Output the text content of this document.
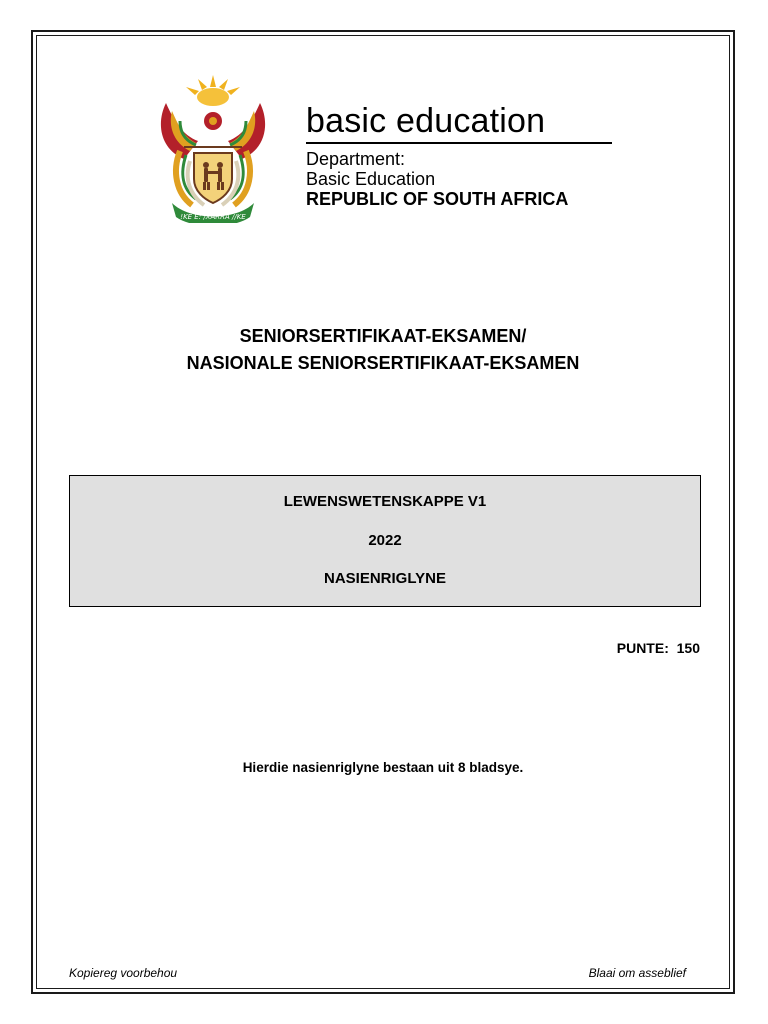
!KE E: /XARRA //KE
basic education
Department:
Basic Education
REPUBLIC OF SOUTH AFRICA
SENIORSERTIFIKAAT-EKSAMEN/
NASIONALE SENIORSERTIFIKAAT-EKSAMEN
LEWENSWETENSKAPPE V1
2022
NASIENRIGLYNE
PUNTE:  150
Hierdie nasienriglyne bestaan uit 8 bladsye.
Kopiereg voorbehou	Blaai om asseblief
